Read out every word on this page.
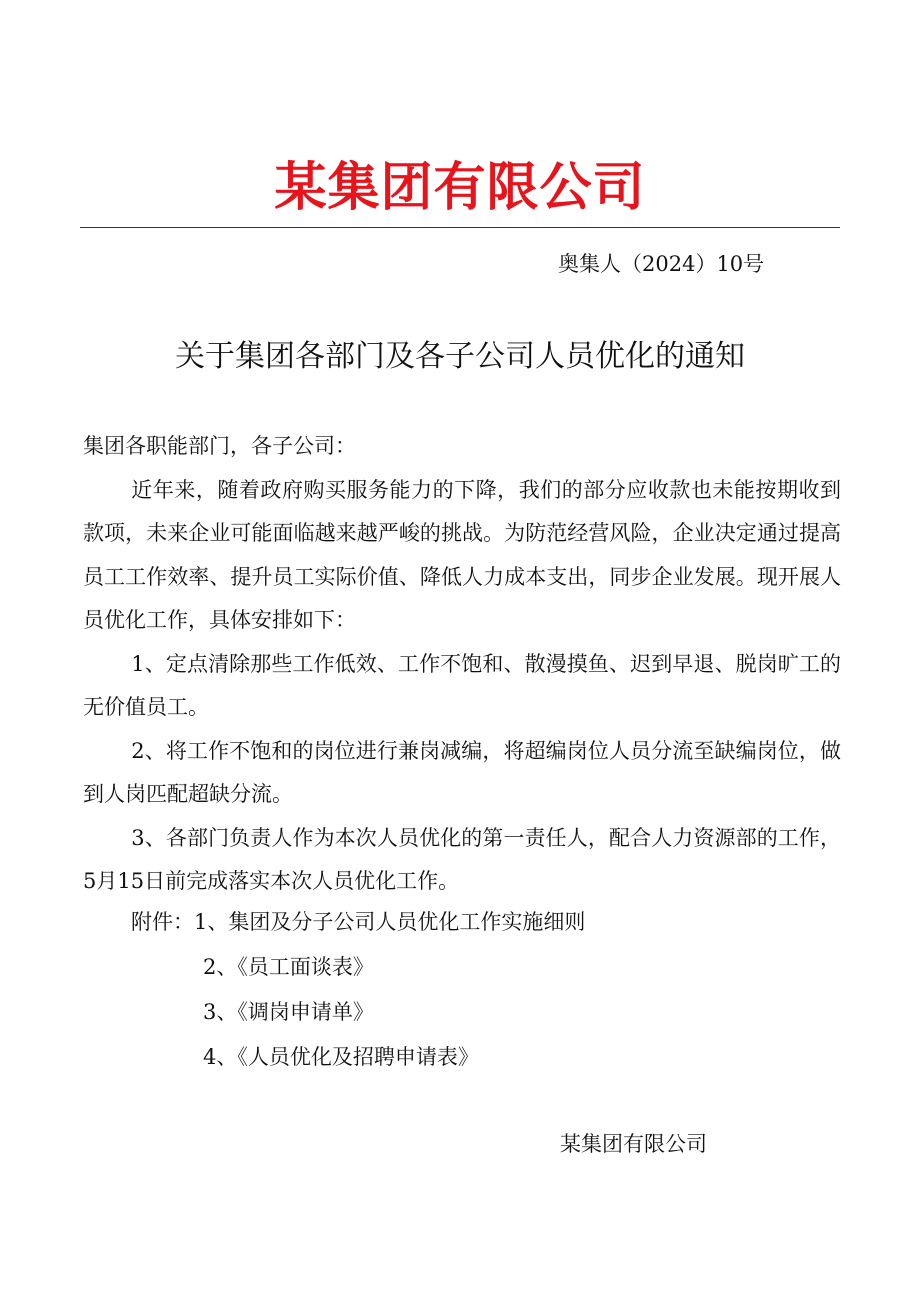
某集团有限公司
奥集人（2024）10号
关于集团各部门及各子公司人员优化的通知

集团各职能部门，各子公司：

近年来，随着政府购买服务能力的下降，我们的部分应收款也未能按期收到款项，未来企业可能面临越来越严峻的挑战。为防范经营风险，企业决定通过提高员工工作效率、提升员工实际价值、降低人力成本支出，同步企业发展。现开展人员优化工作，具体安排如下：

1、定点清除那些工作低效、工作不饱和、散漫摸鱼、迟到早退、脱岗旷工的无价值员工。

2、将工作不饱和的岗位进行兼岗减编，将超编岗位人员分流至缺编岗位，做到人岗匹配超缺分流。

3、各部门负责人作为本次人员优化的第一责任人，配合人力资源部的工作，5月15日前完成落实本次人员优化工作。

附件：1、集团及分子公司人员优化工作实施细则
2、《员工面谈表》
3、《调岗申请单》
4、《人员优化及招聘申请表》
某集团有限公司
